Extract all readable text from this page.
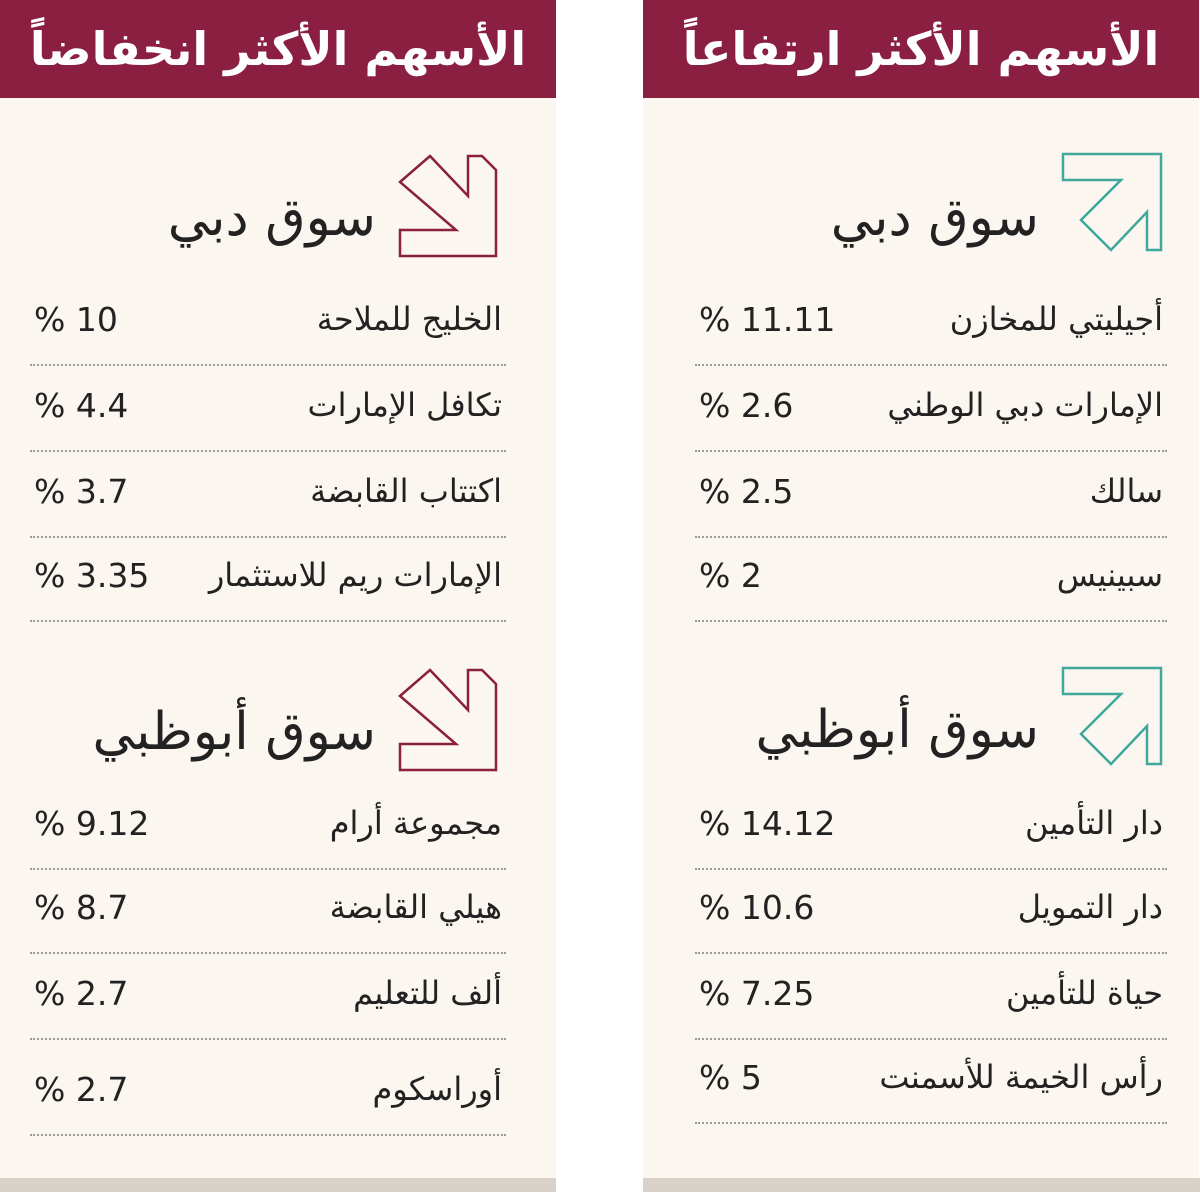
الأسهم الأكثر ارتفاعاً
سوق دبي
أجيليتي للمخازن
% 11.11
الإمارات دبي الوطني
% 2.6
سالك
% 2.5
سبينيس
% 2
سوق أبوظبي
دار التأمين
% 14.12
دار التمويل
% 10.6
حياة للتأمين
% 7.25
رأس الخيمة للأسمنت
% 5
الأسهم الأكثر انخفاضاً
سوق دبي
الخليج للملاحة
% 10
تكافل الإمارات
% 4.4
اكتتاب القابضة
% 3.7
الإمارات ريم للاستثمار
% 3.35
سوق أبوظبي
مجموعة أرام
% 9.12
هيلي القابضة
% 8.7
ألف للتعليم
% 2.7
أوراسكوم
% 2.7
